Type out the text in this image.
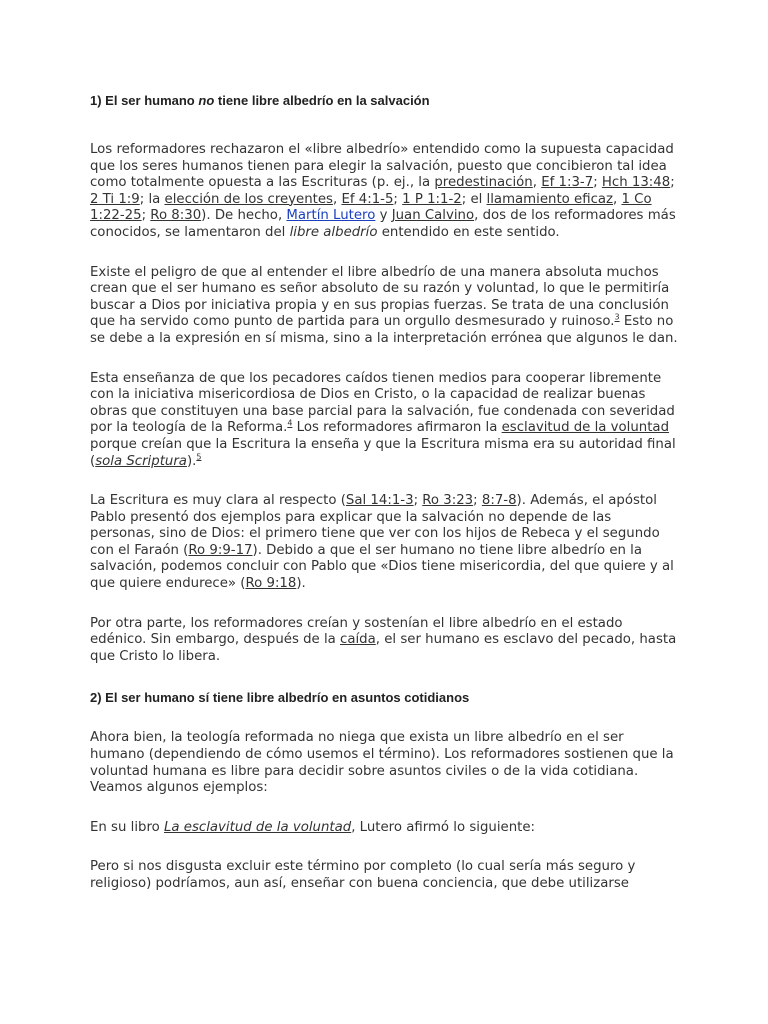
1) El ser humano no tiene libre albedrío en la salvación

Los reformadores rechazaron el «libre albedrío» entendido como la supuesta capacidad que los seres humanos tienen para elegir la salvación, puesto que concibieron tal idea como totalmente opuesta a las Escrituras (p. ej., la predestinación, Ef 1:3-7; Hch 13:48; 2 Ti 1:9; la elección de los creyentes, Ef 4:1-5; 1 P 1:1-2; el llamamiento eficaz, 1 Co 1:22-25; Ro 8:30). De hecho, Martín Lutero y Juan Calvino, dos de los reformadores más conocidos, se lamentaron del libre albedrío entendido en este sentido.

Existe el peligro de que al entender el libre albedrío de una manera absoluta muchos crean que el ser humano es señor absoluto de su razón y voluntad, lo que le permitiría buscar a Dios por iniciativa propia y en sus propias fuerzas. Se trata de una conclusión que ha servido como punto de partida para un orgullo desmesurado y ruinoso.$^3$ Esto no se debe a la expresión en sí misma, sino a la interpretación errónea que algunos le dan.

Esta enseñanza de que los pecadores caídos tienen medios para cooperar libremente con la iniciativa misericordiosa de Dios en Cristo, o la capacidad de realizar buenas obras que constituyen una base parcial para la salvación, fue condenada con severidad por la teología de la Reforma.$^4$ Los reformadores afirmaron la esclavitud de la voluntad porque creían que la Escritura la enseña y que la Escritura misma era su autoridad final (sola Scriptura).$^5$

La Escritura es muy clara al respecto (Sal 14:1-3; Ro 3:23; 8:7-8). Además, el apóstol Pablo presentó dos ejemplos para explicar que la salvación no depende de las personas, sino de Dios: el primero tiene que ver con los hijos de Rebeca y el segundo con el Faraón (Ro 9:9-17). Debido a que el ser humano no tiene libre albedrío en la salvación, podemos concluir con Pablo que «Dios tiene misericordia, del que quiere y al que quiere endurece» (Ro 9:18).

Por otra parte, los reformadores creían y sostenían el libre albedrío en el estado edénico. Sin embargo, después de la caída, el ser humano es esclavo del pecado, hasta que Cristo lo libera.

2) El ser humano sí tiene libre albedrío en asuntos cotidianos

Ahora bien, la teología reformada no niega que exista un libre albedrío en el ser humano (dependiendo de cómo usemos el término). Los reformadores sostienen que la voluntad humana es libre para decidir sobre asuntos civiles o de la vida cotidiana. Veamos algunos ejemplos:

En su libro La esclavitud de la voluntad, Lutero afirmó lo siguiente:

Pero si nos disgusta excluir este término por completo (lo cual sería más seguro y religioso) podríamos, aun así, enseñar con buena conciencia, que debe utilizarse
